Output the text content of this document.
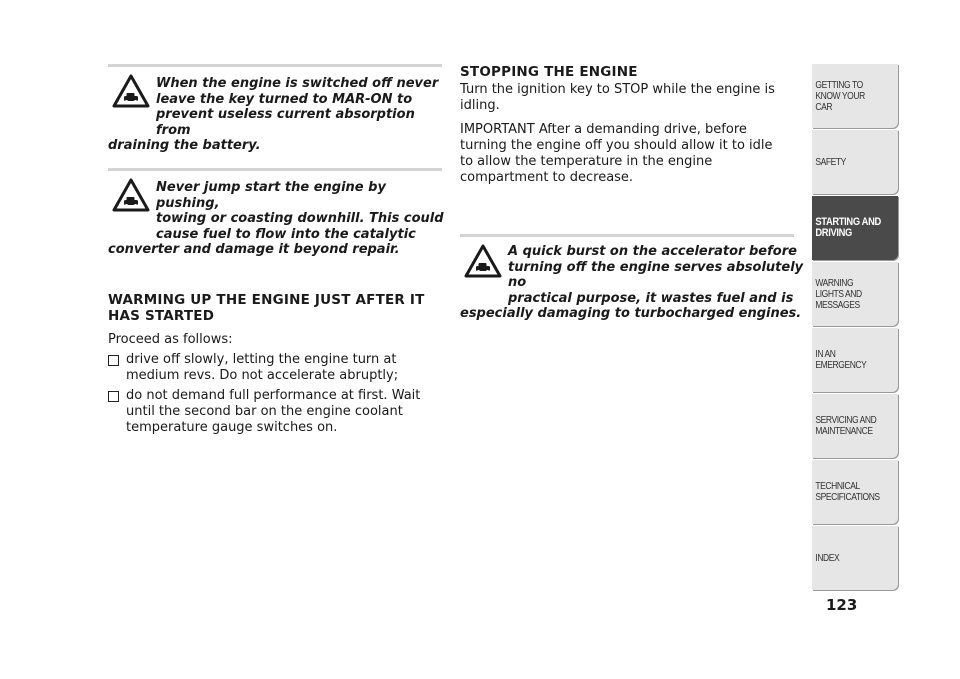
When the engine is switched off never

leave the key turned to MAR-ON to

prevent useless current absorption from

draining the battery.

Never jump start the engine by pushing,

towing or coasting downhill. This could

cause fuel to flow into the catalytic

converter and damage it beyond repair.

WARMING UP THE ENGINE JUST AFTER IT
HAS STARTED

Proceed as follows:

drive off slowly, letting the engine turn at medium revs. Do not accelerate abruptly;
do not demand full performance at first. Wait until the second bar on the engine coolant temperature gauge switches on.
STOPPING THE ENGINE

Turn the ignition key to STOP while the engine is idling.

IMPORTANT After a demanding drive, before turning the engine off you should allow it to idle to allow the temperature in the engine compartment to decrease.

A quick burst on the accelerator before

turning off the engine serves absolutely no

practical purpose, it wastes fuel and is

especially damaging to turbocharged engines.

GETTING TO KNOW YOUR CAR
SAFETY
STARTING AND DRIVING
WARNING LIGHTS AND MESSAGES
IN AN EMERGENCY
SERVICING AND MAINTENANCE
TECHNICAL SPECIFICATIONS
INDEX
123
